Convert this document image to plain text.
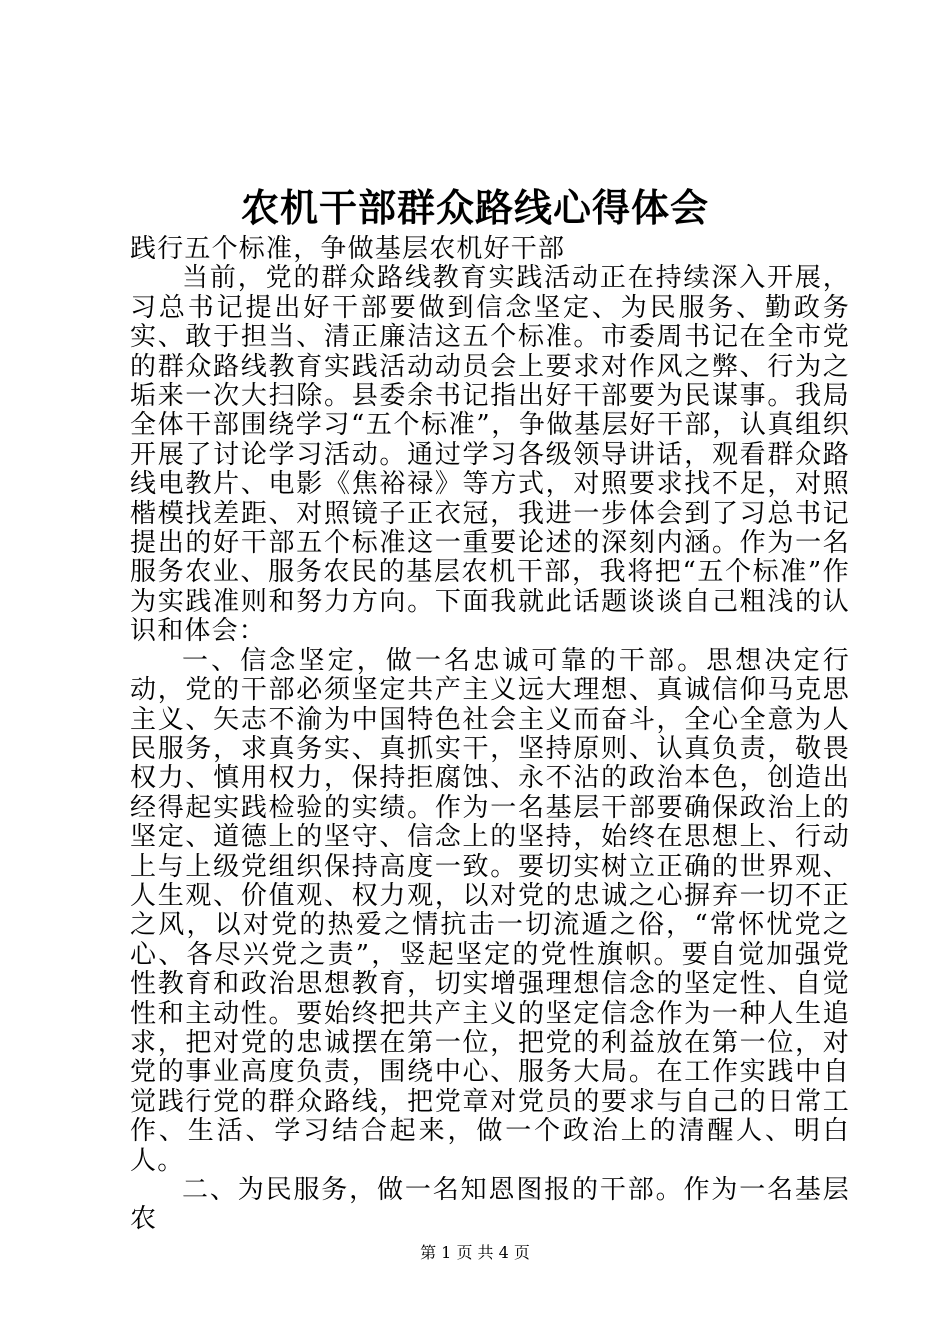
农机干部群众路线心得体会

践行五个标准，争做基层农机好干部

当前，党的群众路线教育实践活动正在持续深入开展，习总书记提出好干部要做到信念坚定、为民服务、勤政务实、敢于担当、清正廉洁这五个标准。市委周书记在全市党的群众路线教育实践活动动员会上要求对作风之弊、行为之垢来一次大扫除。县委余书记指出好干部要为民谋事。我局全体干部围绕学习“五个标准”，争做基层好干部，认真组织开展了讨论学习活动。通过学习各级领导讲话，观看群众路线电教片、电影《焦裕禄》等方式，对照要求找不足，对照楷模找差距、对照镜子正衣冠，我进一步体会到了习总书记提出的好干部五个标准这一重要论述的深刻内涵。作为一名服务农业、服务农民的基层农机干部，我将把“五个标准”作为实践准则和努力方向。下面我就此话题谈谈自己粗浅的认识和体会：

一、信念坚定，做一名忠诚可靠的干部。思想决定行动，党的干部必须坚定共产主义远大理想、真诚信仰马克思主义、矢志不渝为中国特色社会主义而奋斗，全心全意为人民服务，求真务实、真抓实干，坚持原则、认真负责，敬畏权力、慎用权力，保持拒腐蚀、永不沾的政治本色，创造出经得起实践检验的实绩。作为一名基层干部要确保政治上的坚定、道德上的坚守、信念上的坚持，始终在思想上、行动上与上级党组织保持高度一致。要切实树立正确的世界观、人生观、价值观、权力观，以对党的忠诚之心摒弃一切不正之风，以对党的热爱之情抗击一切流遁之俗，“常怀忧党之心、各尽兴党之责”，竖起坚定的党性旗帜。要自觉加强党性教育和政治思想教育，切实增强理想信念的坚定性、自觉性和主动性。要始终把共产主义的坚定信念作为一种人生追求，把对党的忠诚摆在第一位，把党的利益放在第一位，对党的事业高度负责，围绕中心、服务大局。在工作实践中自觉践行党的群众路线，把党章对党员的要求与自己的日常工作、生活、学习结合起来，做一个政治上的清醒人、明白人。

二、为民服务，做一名知恩图报的干部。作为一名基层农

第 1 页 共 4 页
